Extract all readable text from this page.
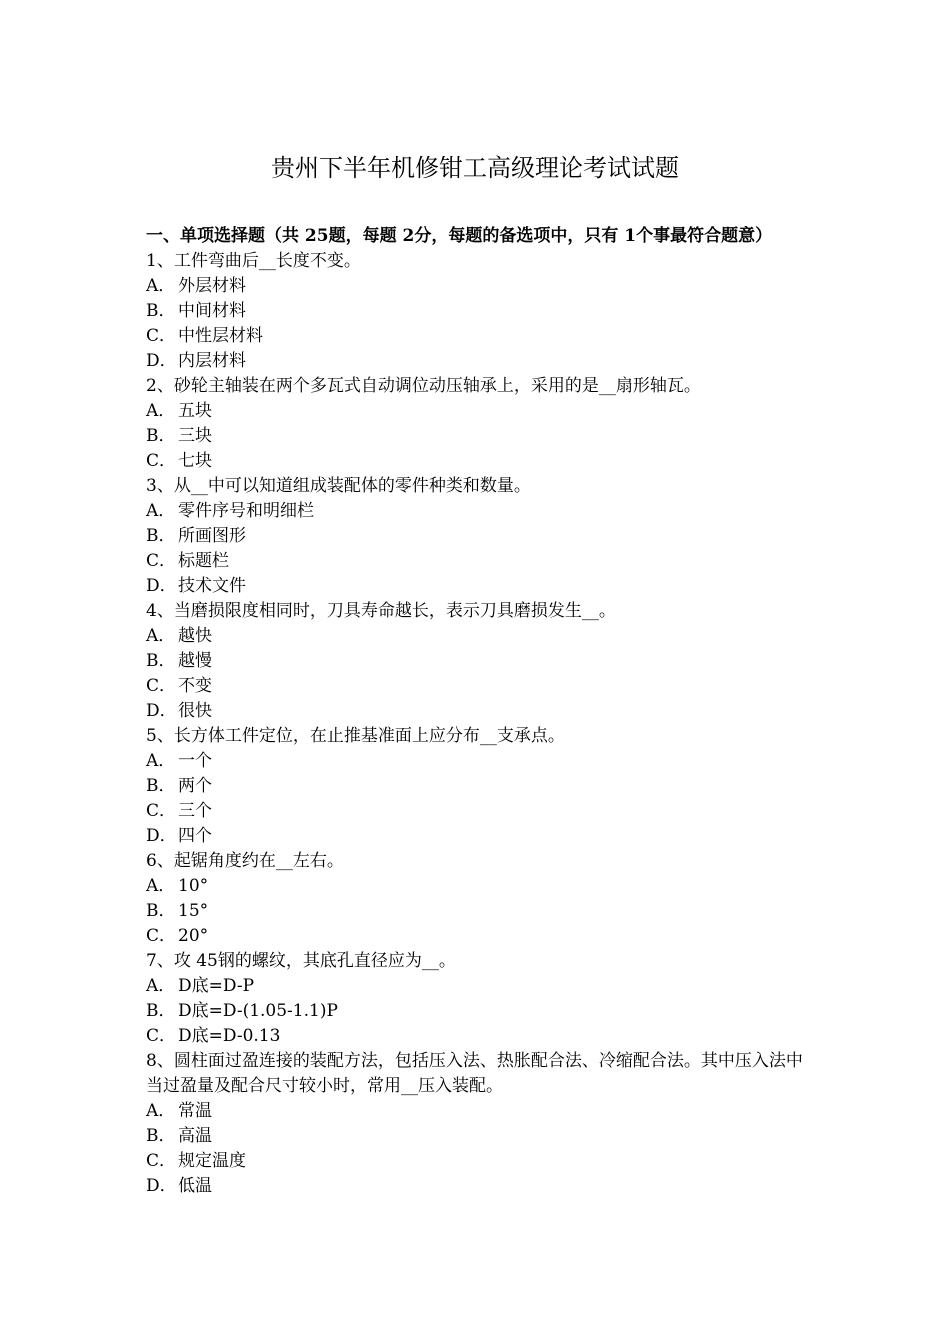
贵州下半年机修钳工高级理论考试试题

一、单项选择题（共 25题，每题 2分，每题的备选项中，只有 1个事最符合题意）

1、工件弯曲后__长度不变。

A． 外层材料
B． 中间材料
C． 中性层材料
D．内层材料

2、砂轮主轴装在两个多瓦式自动调位动压轴承上，采用的是__扇形轴瓦。

A． 五块
B． 三块
C． 七块

3、从__中可以知道组成装配体的零件种类和数量。

A． 零件序号和明细栏
B． 所画图形
C． 标题栏
D．技术文件

4、当磨损限度相同时，刀具寿命越长，表示刀具磨损发生__。

A． 越快
B． 越慢
C． 不变
D．很快

5、长方体工件定位，在止推基准面上应分布__支承点。

A． 一个
B． 两个
C． 三个
D．四个

6、起锯角度约在__左右。

A． 10°
B． 15°
C． 20°

7、攻 45钢的螺纹，其底孔直径应为__。

A． D底=D-P
B． D底=D-(1.05-1.1)P
C． D底=D-0.13

8、圆柱面过盈连接的装配方法，包括压入法、热胀配合法、冷缩配合法。其中压入法中当过盈量及配合尺寸较小时，常用__压入装配。

A． 常温
B． 高温
C． 规定温度
D．低温
